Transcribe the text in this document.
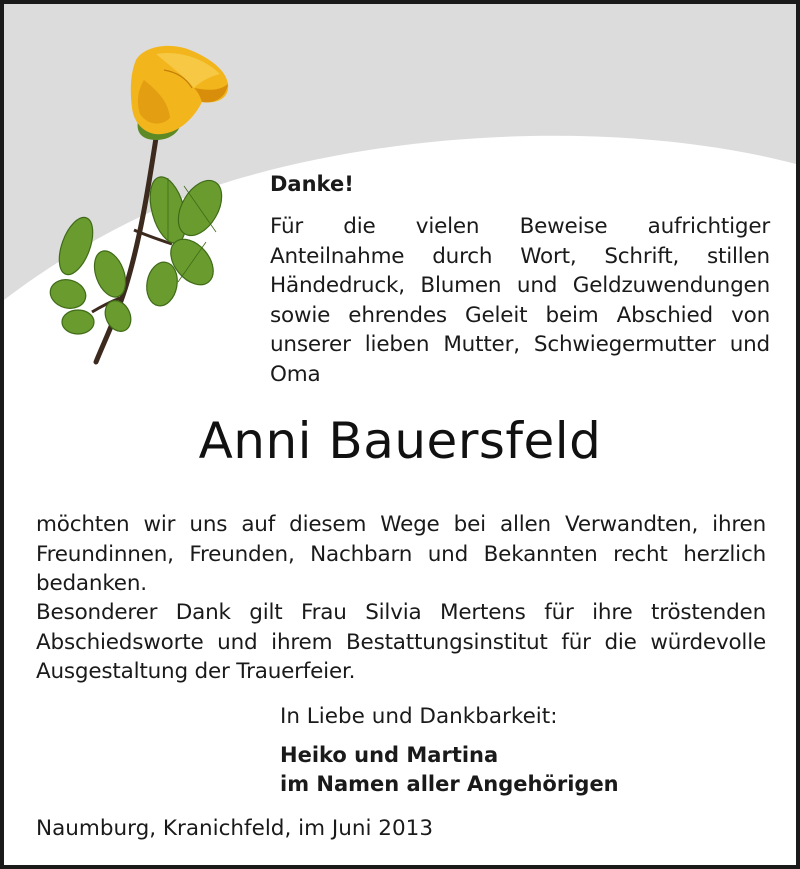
Danke!
Für die vielen Beweise aufrichtiger Anteilnahme durch Wort, Schrift, stillen Händedruck, Blumen und Geldzuwendungen sowie ehrendes Geleit beim Abschied von unserer lieben Mutter, Schwiegermutter und Oma
Anni Bauersfeld
möchten wir uns auf diesem Wege bei allen Verwandten, ihren Freundinnen, Freunden, Nachbarn und Bekannten recht herzlich bedanken.
Besonderer Dank gilt Frau Silvia Mertens für ihre tröstenden Abschiedsworte und ihrem Bestattungsinstitut für die würdevolle Ausgestaltung der Trauerfeier.
In Liebe und Dankbarkeit:
Heiko und Martina
im Namen aller Angehörigen
Naumburg, Kranichfeld, im Juni 2013
